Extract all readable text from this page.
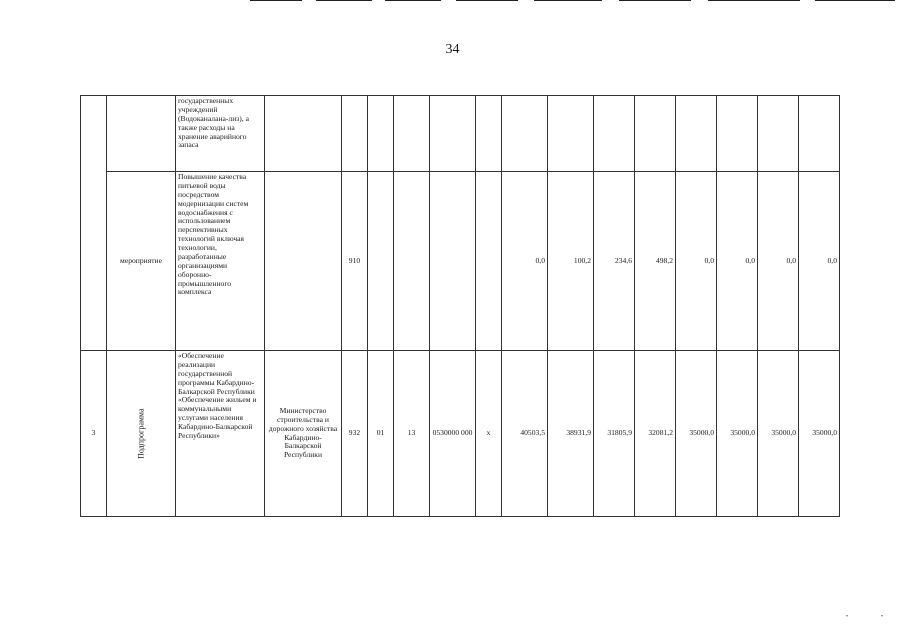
34
		государственных учреждений (Водоканалана-лиз), а также расходы на хранение аварийного запаса														
	мероприятие	Повышение качества питьевой воды посредством модернизации систем водоснабжения с использованием перспективных технологий включая технологии, разработанные организациями оборонно-промышленного комплекса		910					0,0	100,2	234,6	498,2	0,0	0,0	0,0	0,0
3	Подпрограмма	«Обеспечение реализации государственной программы Кабардино-Балкарской Республики «Обеспечение жильем и коммунальными услугами населения Кабардино-Балкарской Республики»	Министерство строительства и дорожного хозяйства Кабардино-Балкарской Республики	932	01	13	0530000 000	х	40503,5	38931,9	31805,9	32081,2	35000,0	35000,0	35000,0	35000,0
•	•
